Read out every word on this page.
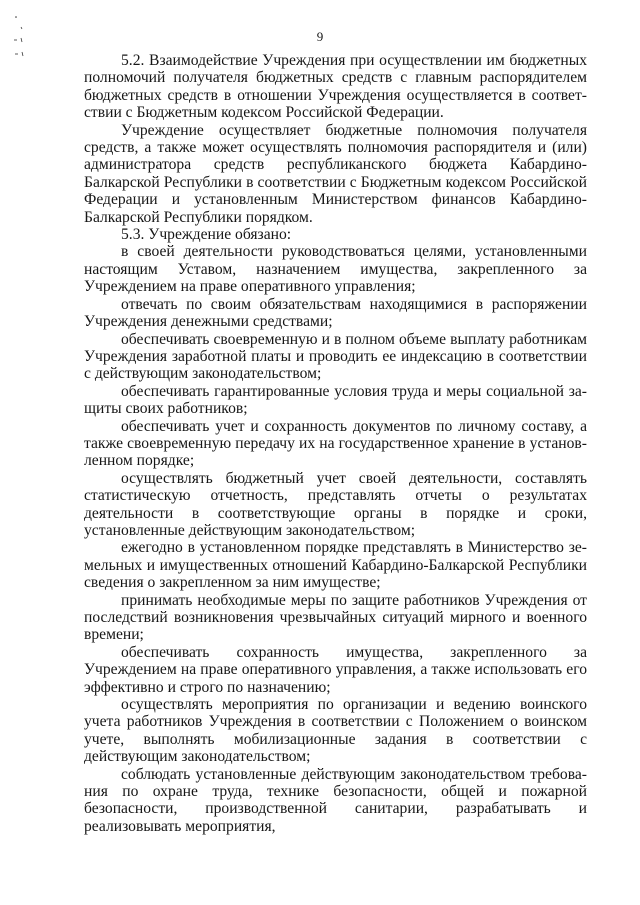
9

5.2. Взаимодействие Учреждения при осуществлении им бюджетных полномочий получателя бюджетных средств с главным распорядителем бюджетных средств в отношении Учреждения осуществляется в соответствии с Бюджетным кодексом Российской Федерации.

Учреждение осуществляет бюджетные полномочия получателя средств, а также может осуществлять полномочия распорядителя и (или) администратора средств республиканского бюджета Кабардино-Балкарской Республики в соответствии с Бюджетным кодексом Российской Федерации и установленным Министерством финансов Кабардино-Балкарской Республики порядком.

5.3. Учреждение обязано:

в своей деятельности руководствоваться целями, установленными настоящим Уставом, назначением имущества, закрепленного за Учреждением на праве оперативного управления;

отвечать по своим обязательствам находящимися в распоряжении Учреждения денежными средствами;

обеспечивать своевременную и в полном объеме выплату работникам Учреждения заработной платы и проводить ее индексацию в соответствии с действующим законодательством;

обеспечивать гарантированные условия труда и меры социальной защиты своих работников;

обеспечивать учет и сохранность документов по личному составу, а также своевременную передачу их на государственное хранение в установленном порядке;

осуществлять бюджетный учет своей деятельности, составлять статистическую отчетность, представлять отчеты о результатах деятельности в соответствующие органы в порядке и сроки, установленные действующим законодательством;

ежегодно в установленном порядке представлять в Министерство земельных и имущественных отношений Кабардино-Балкарской Республики сведения о закрепленном за ним имуществе;

принимать необходимые меры по защите работников Учреждения от последствий возникновения чрезвычайных ситуаций мирного и военного времени;

обеспечивать сохранность имущества, закрепленного за Учреждением на праве оперативного управления, а также использовать его эффективно и строго по назначению;

осуществлять мероприятия по организации и ведению воинского учета работников Учреждения в соответствии с Положением о воинском учете, выполнять мобилизационные задания в соответствии с действующим законодательством;

соблюдать установленные действующим законодательством требования по охране труда, технике безопасности, общей и пожарной безопасности, производственной санитарии, разрабатывать и реализовывать мероприятия,
